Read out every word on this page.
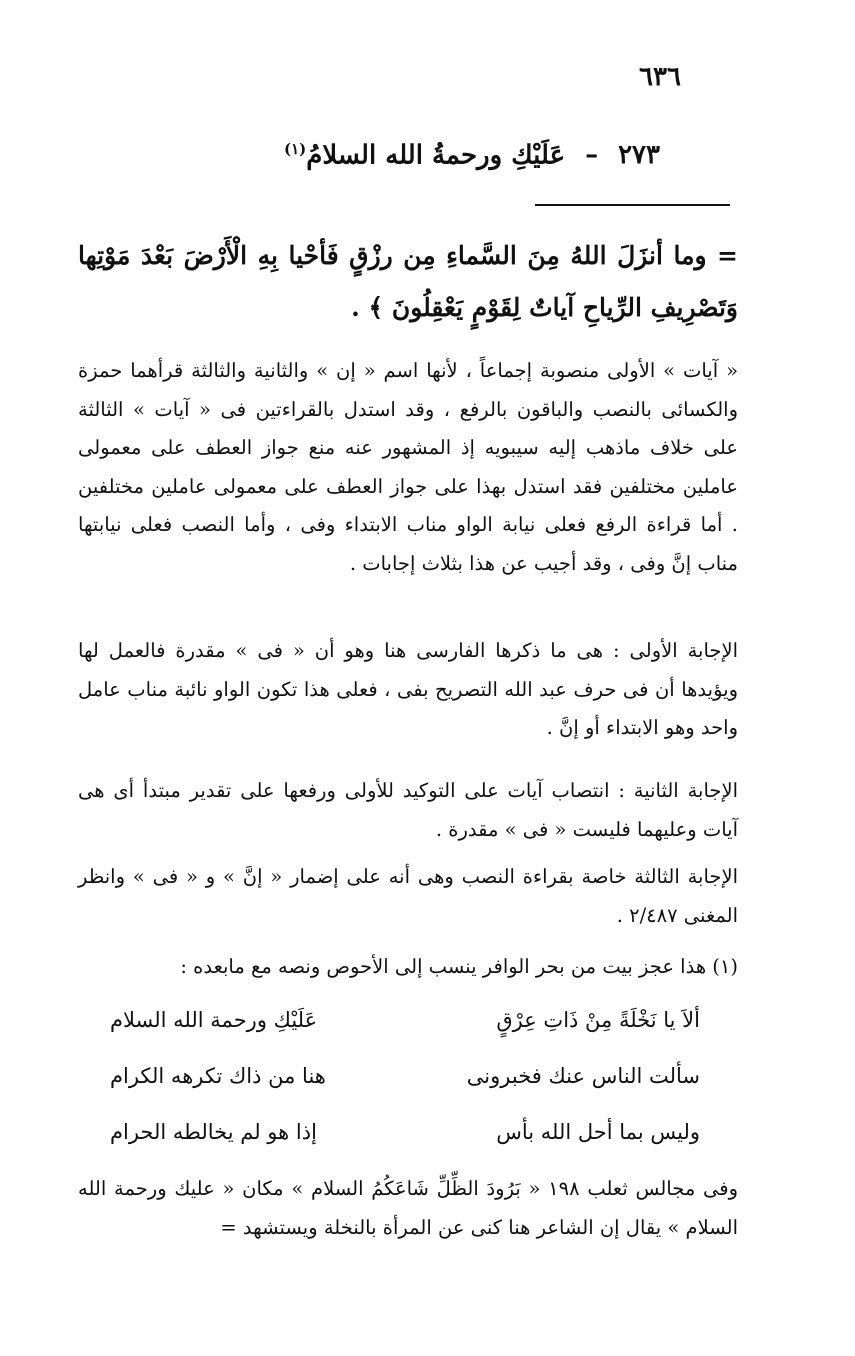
٦٣٦
٢٧٣
–
عَلَيْكِ ورحمةُ الله السلامُ$^{(١)}$
= وما أنزَلَ اللهُ مِنَ السَّماءِ مِن رزْقٍ فَأحْيا بِهِ الْأَرْضَ بَعْدَ مَوْتِها وَتَصْرِيفِ الرِّياحِ آياتٌ لِقَوْمٍ يَعْقِلُونَ ﴾ .
« آيات » الأولى منصوبة إجماعاً ، لأنها اسم « إن » والثانية والثالثة قرأهما حمزة والكسائى بالنصب والباقون بالرفع ، وقد استدل بالقراءتين فى « آيات » الثالثة على خلاف ماذهب إليه سيبويه إذ المشهور عنه منع جواز العطف على معمولى عاملين مختلفين فقد استدل بهذا على جواز العطف على معمولى عاملين مختلفين . أما قراءة الرفع فعلى نيابة الواو مناب الابتداء وفى ، وأما النصب فعلى نيابتها مناب إنَّ وفى ، وقد أجيب عن هذا بثلاث إجابات .
الإجابة الأولى : هى ما ذكرها الفارسى هنا وهو أن « فى » مقدرة فالعمل لها ويؤيدها أن فى حرف عبد الله التصريح بفى ، فعلى هذا تكون الواو نائبة مناب عامل واحد وهو الابتداء أو إنَّ .
الإجابة الثانية : انتصاب آيات على التوكيد للأولى ورفعها على تقدير مبتدأ أى هى آيات وعليهما فليست « فى » مقدرة .
الإجابة الثالثة خاصة بقراءة النصب وهى أنه على إضمار « إنَّ » و « فى » وانظر المغنى ٢/٤٨٧ .
(١) هذا عجز بيت من بحر الوافر ينسب إلى الأحوص ونصه مع مابعده :
ألاَ يا نَخْلَةً مِنْ ذَاتِ عِرْقٍ
عَلَيْكِ ورحمة الله السلام
سألت الناس عنك فخبرونى
هنا من ذاك تكرهه الكرام
وليس بما أحل الله بأس
إذا هو لم يخالطه الحرام
وفى مجالس ثعلب ١٩٨ « بَرُودَ الظِّلِّ شَاعَكُمُ السلام » مكان « عليك ورحمة الله السلام » يقال إن الشاعر هنا كنى عن المرأة بالنخلة ويستشهد =
